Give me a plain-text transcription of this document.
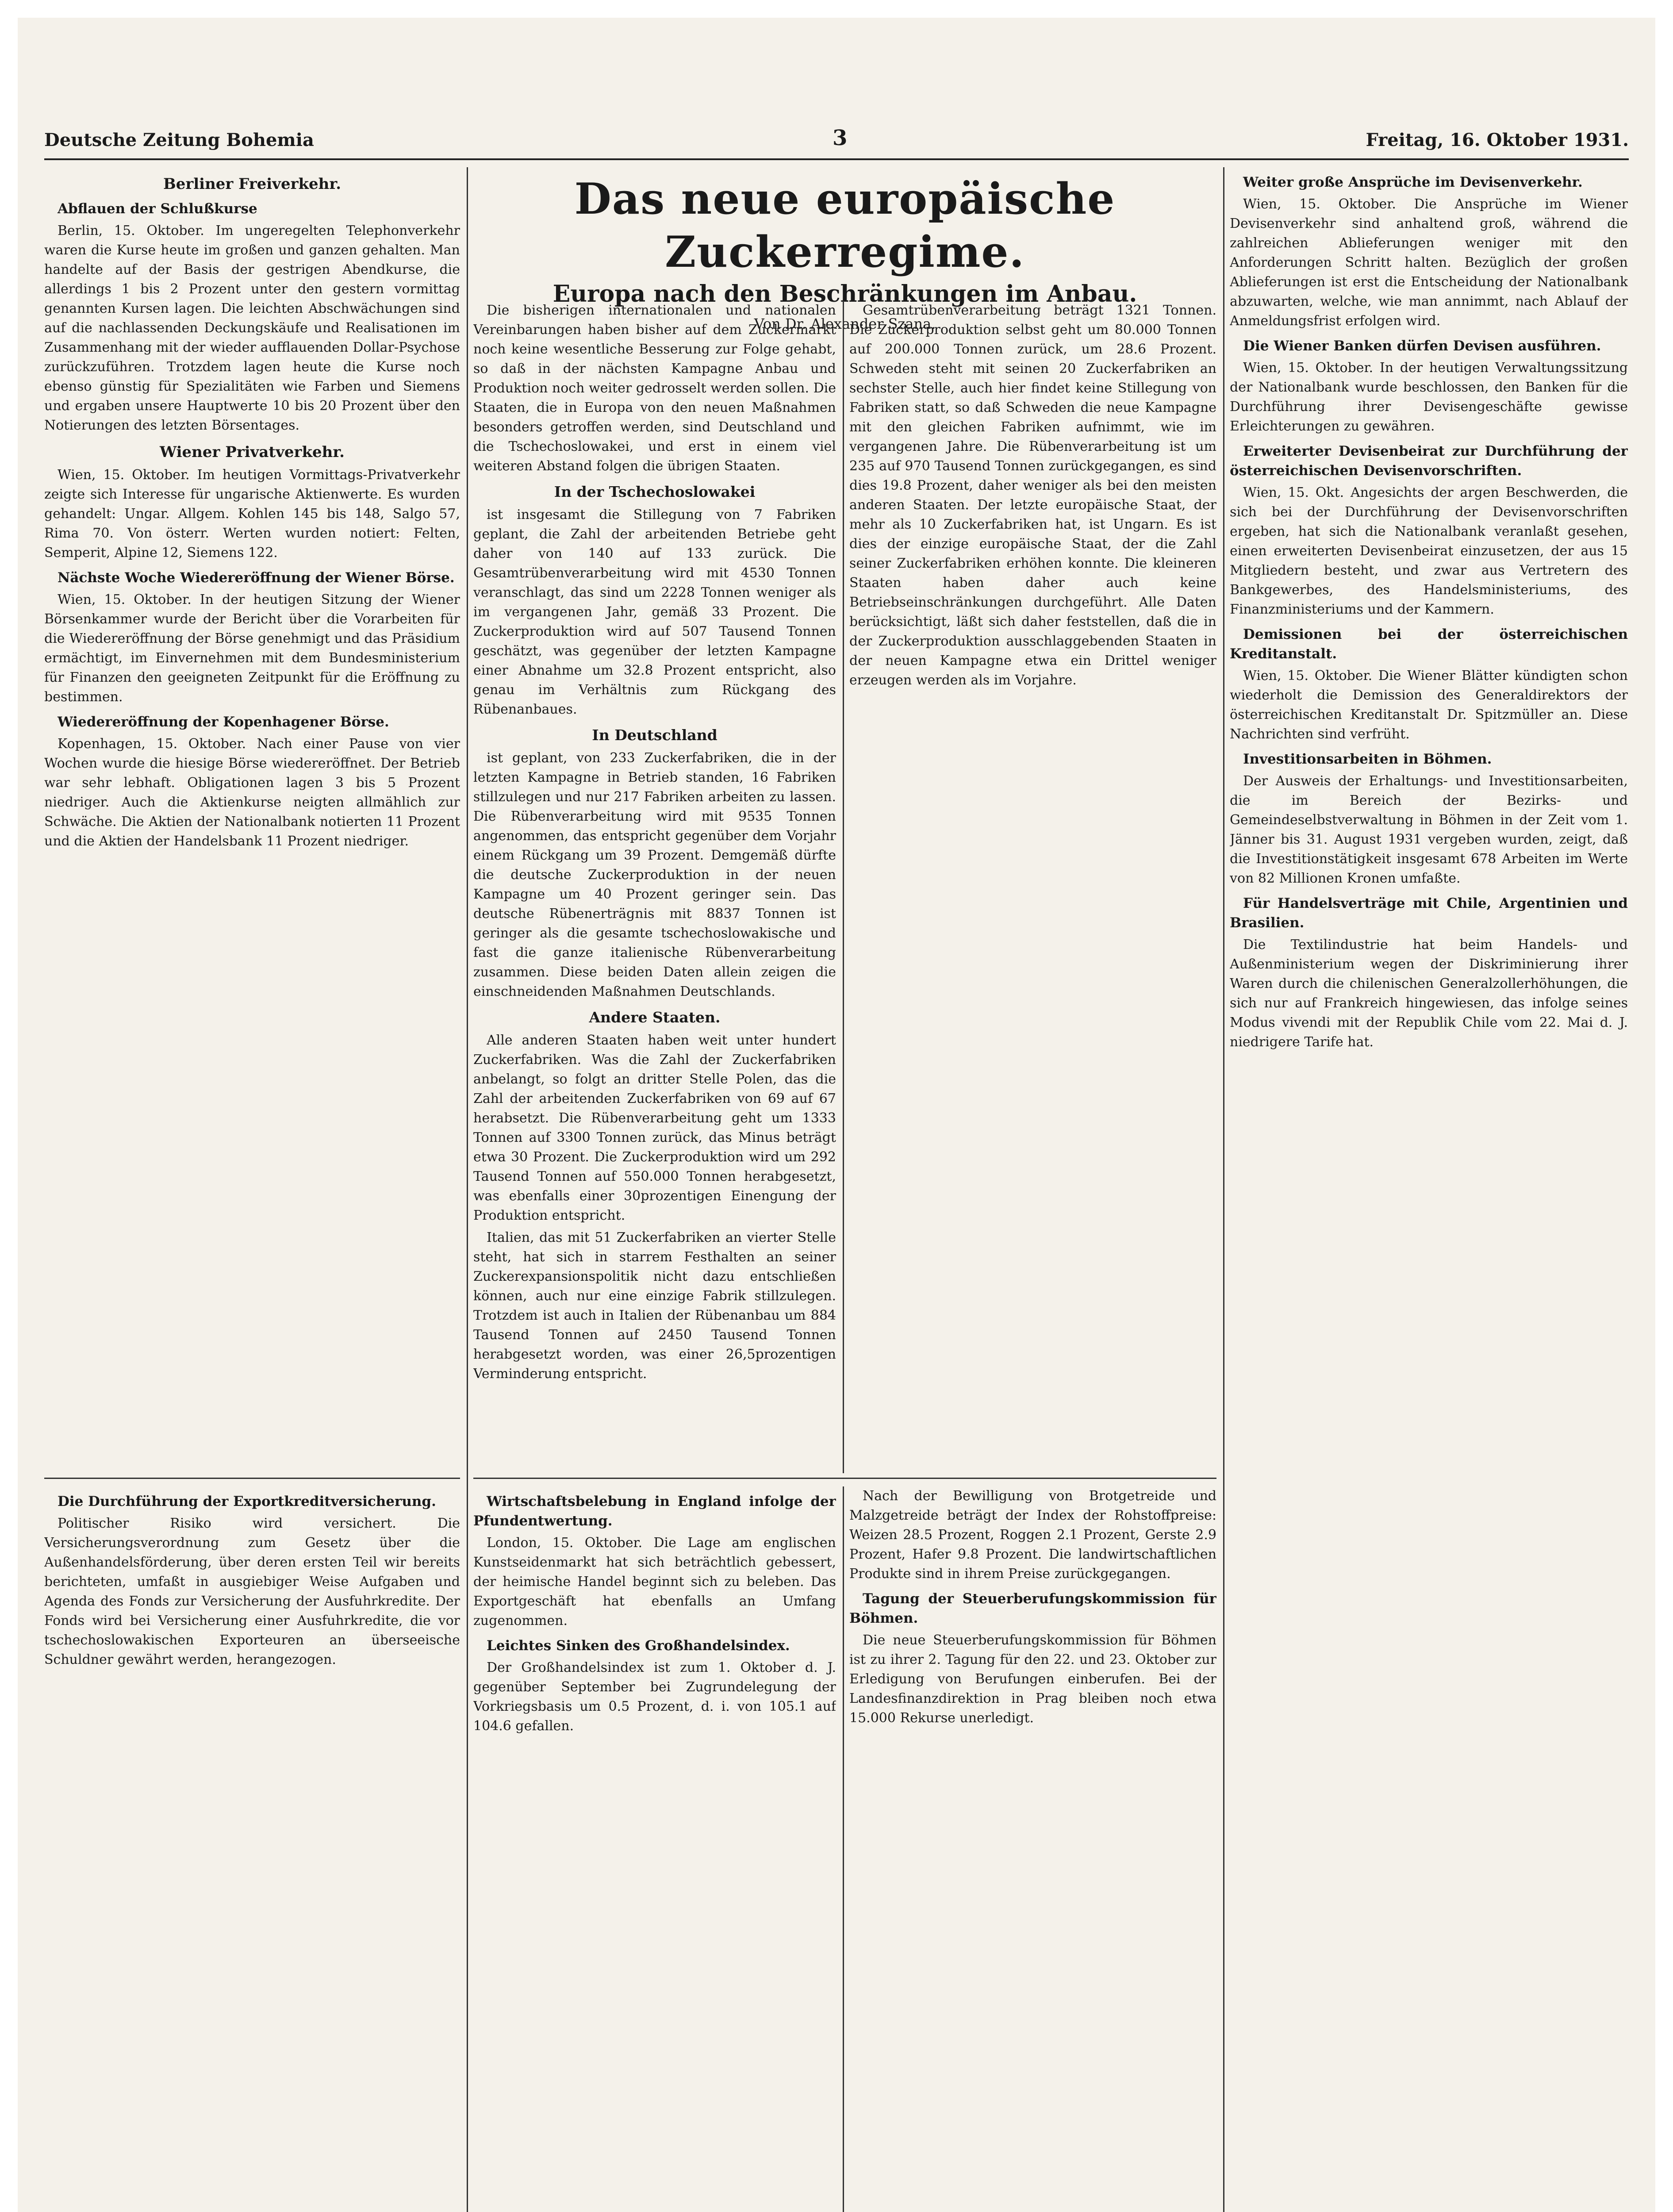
Deutsche Zeitung Bohemia	3	Freitag, 16. Oktober 1931.
Berliner Freiverkehr.
Abflauen der Schlußkurse

Berlin, 15. Oktober. Im ungeregelten Telephonverkehr waren die Kurse heute im großen und ganzen gehalten. Man handelte auf der Basis der gestrigen Abendkurse, die allerdings 1 bis 2 Prozent unter den gestern vormittag genannten Kursen lagen. Die leichten Abschwächungen sind auf die nachlassenden Deckungskäufe und Realisationen im Zusammenhang mit der wieder aufflauenden Dollar-Psychose zurückzuführen. Trotzdem lagen heute die Kurse noch ebenso günstig für Spezialitäten wie Farben und Siemens und ergaben unsere Hauptwerte 10 bis 20 Prozent über den Notierungen des letzten Börsentages.

Wiener Privatverkehr.

Wien, 15. Oktober. Im heutigen Vormittags-Privatverkehr zeigte sich Interesse für ungarische Aktienwerte. Es wurden gehandelt: Ungar. Allgem. Kohlen 145 bis 148, Salgo 57, Rima 70. Von österr. Werten wurden notiert: Felten, Semperit, Alpine 12, Siemens 122.

Nächste Woche Wiedereröffnung der Wiener Börse.

Wien, 15. Oktober. In der heutigen Sitzung der Wiener Börsenkammer wurde der Bericht über die Vorarbeiten für die Wiedereröffnung der Börse genehmigt und das Präsidium ermächtigt, im Einvernehmen mit dem Bundesministerium für Finanzen den geeigneten Zeitpunkt für die Eröffnung zu bestimmen.

Wiedereröffnung der Kopenhagener Börse.

Kopenhagen, 15. Oktober. Nach einer Pause von vier Wochen wurde die hiesige Börse wiedereröffnet. Der Betrieb war sehr lebhaft. Obligationen lagen 3 bis 5 Prozent niedriger. Auch die Aktienkurse neigten allmählich zur Schwäche. Die Aktien der Nationalbank notierten 11 Prozent und die Aktien der Handelsbank 11 Prozent niedriger.

Das neue europäische Zuckerregime.
Europa nach den Beschränkungen im Anbau.
Von Dr. Alexander Szana.

Die bisherigen internationalen und nationalen Vereinbarungen haben bisher auf dem Zuckermarkt noch keine wesentliche Besserung zur Folge gehabt, so daß in der nächsten Kampagne Anbau und Produktion noch weiter gedrosselt werden sollen. Die Staaten, die in Europa von den neuen Maßnahmen besonders getroffen werden, sind Deutschland und die Tschechoslowakei, und erst in einem viel weiteren Abstand folgen die übrigen Staaten.

In der Tschechoslowakei

ist insgesamt die Stillegung von 7 Fabriken geplant, die Zahl der arbeitenden Betriebe geht daher von 140 auf 133 zurück. Die Gesamtrübenverarbeitung wird mit 4530 Tonnen veranschlagt, das sind um 2228 Tonnen weniger als im vergangenen Jahr, gemäß 33 Prozent. Die Zuckerproduktion wird auf 507 Tausend Tonnen geschätzt, was gegenüber der letzten Kampagne einer Abnahme um 32.8 Prozent entspricht, also genau im Verhältnis zum Rückgang des Rübenanbaues.

In Deutschland

ist geplant, von 233 Zuckerfabriken, die in der letzten Kampagne in Betrieb standen, 16 Fabriken stillzulegen und nur 217 Fabriken arbeiten zu lassen. Die Rübenverarbeitung wird mit 9535 Tonnen angenommen, das entspricht gegenüber dem Vorjahr einem Rückgang um 39 Prozent. Demgemäß dürfte die deutsche Zuckerproduktion in der neuen Kampagne um 40 Prozent geringer sein. Das deutsche Rübenerträgnis mit 8837 Tonnen ist geringer als die gesamte tschechoslowakische und fast die ganze italienische Rübenverarbeitung zusammen. Diese beiden Daten allein zeigen die einschneidenden Maßnahmen Deutschlands.

Andere Staaten.

Alle anderen Staaten haben weit unter hundert Zuckerfabriken. Was die Zahl der Zuckerfabriken anbelangt, so folgt an dritter Stelle Polen, das die Zahl der arbeitenden Zuckerfabriken von 69 auf 67 herabsetzt. Die Rübenverarbeitung geht um 1333 Tonnen auf 3300 Tonnen zurück, das Minus beträgt etwa 30 Prozent. Die Zuckerproduktion wird um 292 Tausend Tonnen auf 550.000 Tonnen herabgesetzt, was ebenfalls einer 30prozentigen Einengung der Produktion entspricht.

Italien, das mit 51 Zuckerfabriken an vierter Stelle steht, hat sich in starrem Festhalten an seiner Zuckerexpansionspolitik nicht dazu entschließen können, auch nur eine einzige Fabrik stillzulegen. Trotzdem ist auch in Italien der Rübenanbau um 884 Tausend Tonnen auf 2450 Tausend Tonnen herabgesetzt worden, was einer 26,5prozentigen Verminderung entspricht.

Gesamtrübenverarbeitung beträgt 1321 Tonnen. Die Zuckerproduktion selbst geht um 80.000 Tonnen auf 200.000 Tonnen zurück, um 28.6 Prozent. Schweden steht mit seinen 20 Zuckerfabriken an sechster Stelle, auch hier findet keine Stillegung von Fabriken statt, so daß Schweden die neue Kampagne mit den gleichen Fabriken aufnimmt, wie im vergangenen Jahre. Die Rübenverarbeitung ist um 235 auf 970 Tausend Tonnen zurückgegangen, es sind dies 19.8 Prozent, daher weniger als bei den meisten anderen Staaten. Der letzte europäische Staat, der mehr als 10 Zuckerfabriken hat, ist Ungarn. Es ist dies der einzige europäische Staat, der die Zahl seiner Zuckerfabriken erhöhen konnte. Die kleineren Staaten haben daher auch keine Betriebseinschränkungen durchgeführt. Alle Daten berücksichtigt, läßt sich daher feststellen, daß die in der Zuckerproduktion ausschlaggebenden Staaten in der neuen Kampagne etwa ein Drittel weniger erzeugen werden als im Vorjahre.

Weiter große Ansprüche im Devisenverkehr.

Wien, 15. Oktober. Die Ansprüche im Wiener Devisenverkehr sind anhaltend groß, während die zahlreichen Ablieferungen weniger mit den Anforderungen Schritt halten. Bezüglich der großen Ablieferungen ist erst die Entscheidung der Nationalbank abzuwarten, welche, wie man annimmt, nach Ablauf der Anmeldungsfrist erfolgen wird.

Die Wiener Banken dürfen Devisen ausführen.

Wien, 15. Oktober. In der heutigen Verwaltungssitzung der Nationalbank wurde beschlossen, den Banken für die Durchführung ihrer Devisengeschäfte gewisse Erleichterungen zu gewähren.

Erweiterter Devisenbeirat zur Durchführung der österreichischen Devisenvorschriften.

Wien, 15. Okt. Angesichts der argen Beschwerden, die sich bei der Durchführung der Devisenvorschriften ergeben, hat sich die Nationalbank veranlaßt gesehen, einen erweiterten Devisenbeirat einzusetzen, der aus 15 Mitgliedern besteht, und zwar aus Vertretern des Bankgewerbes, des Handelsministeriums, des Finanzministeriums und der Kammern.

Demissionen bei der österreichischen Kreditanstalt.

Wien, 15. Oktober. Die Wiener Blätter kündigten schon wiederholt die Demission des Generaldirektors der österreichischen Kreditanstalt Dr. Spitzmüller an. Diese Nachrichten sind verfrüht.

Investitionsarbeiten in Böhmen.

Der Ausweis der Erhaltungs- und Investitionsarbeiten, die im Bereich der Bezirks- und Gemeindeselbstverwaltung in Böhmen in der Zeit vom 1. Jänner bis 31. August 1931 vergeben wurden, zeigt, daß die Investitionstätigkeit insgesamt 678 Arbeiten im Werte von 82 Millionen Kronen umfaßte.

Für Handelsverträge mit Chile, Argentinien und Brasilien.

Die Textilindustrie hat beim Handels- und Außenministerium wegen der Diskriminierung ihrer Waren durch die chilenischen Generalzollerhöhungen, die sich nur auf Frankreich hingewiesen, das infolge seines Modus vivendi mit der Republik Chile vom 22. Mai d. J. niedrigere Tarife hat.

Die Durchführung der Exportkreditversicherung.

Politischer Risiko wird versichert. Die Versicherungsverordnung zum Gesetz über die Außenhandelsförderung, über deren ersten Teil wir bereits berichteten, umfaßt in ausgiebiger Weise Aufgaben und Agenda des Fonds zur Versicherung der Ausfuhrkredite. Der Fonds wird bei Versicherung einer Ausfuhrkredite, die vor tschechoslowakischen Exporteuren an überseeische Schuldner gewährt werden, herangezogen.

Wirtschaftsbelebung in England infolge der Pfundentwertung.

London, 15. Oktober. Die Lage am englischen Kunstseidenmarkt hat sich beträchtlich gebessert, der heimische Handel beginnt sich zu beleben. Das Exportgeschäft hat ebenfalls an Umfang zugenommen.

Leichtes Sinken des Großhandelsindex.

Der Großhandelsindex ist zum 1. Oktober d. J. gegenüber September bei Zugrundelegung der Vorkriegsbasis um 0.5 Prozent, d. i. von 105.1 auf 104.6 gefallen.

Nach der Bewilligung von Brotgetreide und Malzgetreide beträgt der Index der Rohstoffpreise: Weizen 28.5 Prozent, Roggen 2.1 Prozent, Gerste 2.9 Prozent, Hafer 9.8 Prozent. Die landwirtschaftlichen Produkte sind in ihrem Preise zurückgegangen.

Tagung der Steuerberufungskommission für Böhmen.

Die neue Steuerberufungskommission für Böhmen ist zu ihrer 2. Tagung für den 22. und 23. Oktober zur Erledigung von Berufungen einberufen. Bei der Landesfinanzdirektion in Prag bleiben noch etwa 15.000 Rekurse unerledigt.
